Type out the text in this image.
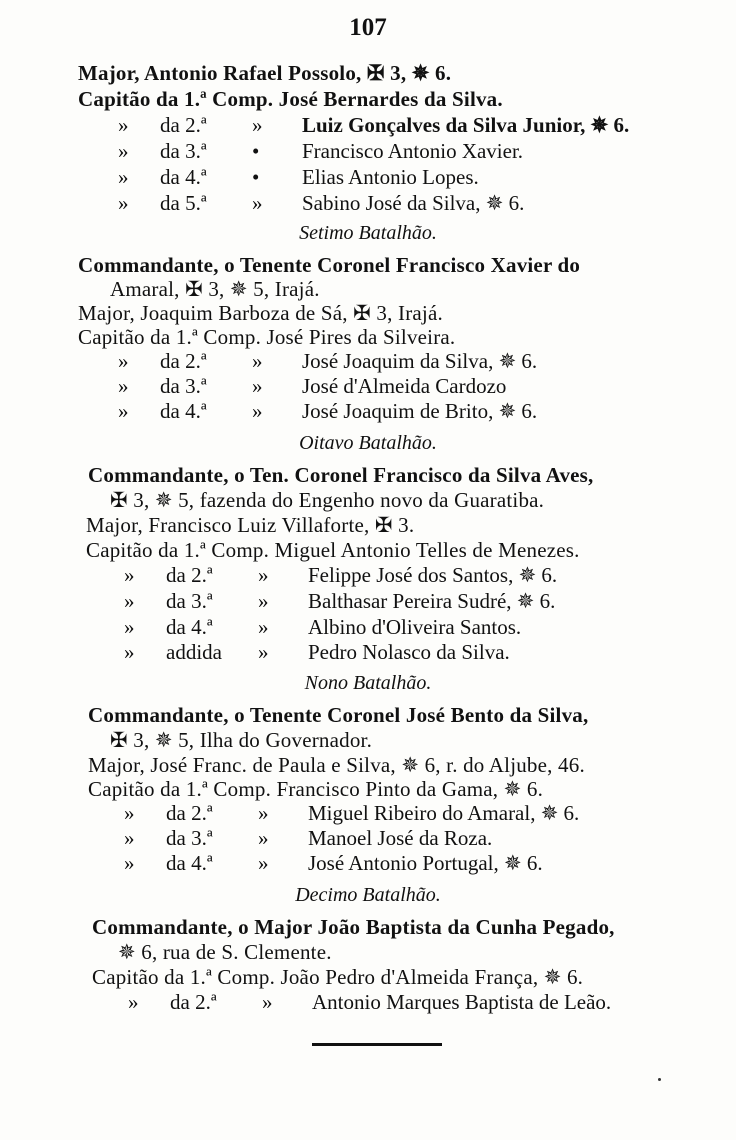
107
Major, Antonio Rafael Possolo, ✠ 3, ✵ 6.
Capitão da 1.ª Comp. José Bernardes da Silva.
» da 2.ª » Luiz Gonçalves da Silva Junior, ✵ 6.
» da 3.ª • Francisco Antonio Xavier.
» da 4.ª • Elias Antonio Lopes.
» da 5.ª » Sabino José da Silva, ✵ 6.
Setimo Batalhão.
Commandante, o Tenente Coronel Francisco Xavier do
Amaral, ✠ 3, ✵ 5, Irajá.
Major, Joaquim Barboza de Sá, ✠ 3, Irajá.
Capitão da 1.ª Comp. José Pires da Silveira.
» da 2.ª » José Joaquim da Silva, ✵ 6.
» da 3.ª » José d'Almeida Cardozo
» da 4.ª » José Joaquim de Brito, ✵ 6.
Oitavo Batalhão.
Commandante, o Ten. Coronel Francisco da Silva Aves,
✠ 3, ✵ 5, fazenda do Engenho novo da Guaratiba.
Major, Francisco Luiz Villaforte, ✠ 3.
Capitão da 1.ª Comp. Miguel Antonio Telles de Menezes.
» da 2.ª » Felippe José dos Santos, ✵ 6.
» da 3.ª » Balthasar Pereira Sudré, ✵ 6.
» da 4.ª » Albino d'Oliveira Santos.
» addida » Pedro Nolasco da Silva.
Nono Batalhão.
Commandante, o Tenente Coronel José Bento da Silva,
✠ 3, ✵ 5, Ilha do Governador.
Major, José Franc. de Paula e Silva, ✵ 6, r. do Aljube, 46.
Capitão da 1.ª Comp. Francisco Pinto da Gama, ✵ 6.
» da 2.ª » Miguel Ribeiro do Amaral, ✵ 6.
» da 3.ª » Manoel José da Roza.
» da 4.ª » José Antonio Portugal, ✵ 6.
Decimo Batalhão.
Commandante, o Major João Baptista da Cunha Pegado,
✵ 6, rua de S. Clemente.
Capitão da 1.ª Comp. João Pedro d'Almeida França, ✵ 6.
» da 2.ª » Antonio Marques Baptista de Leão.
